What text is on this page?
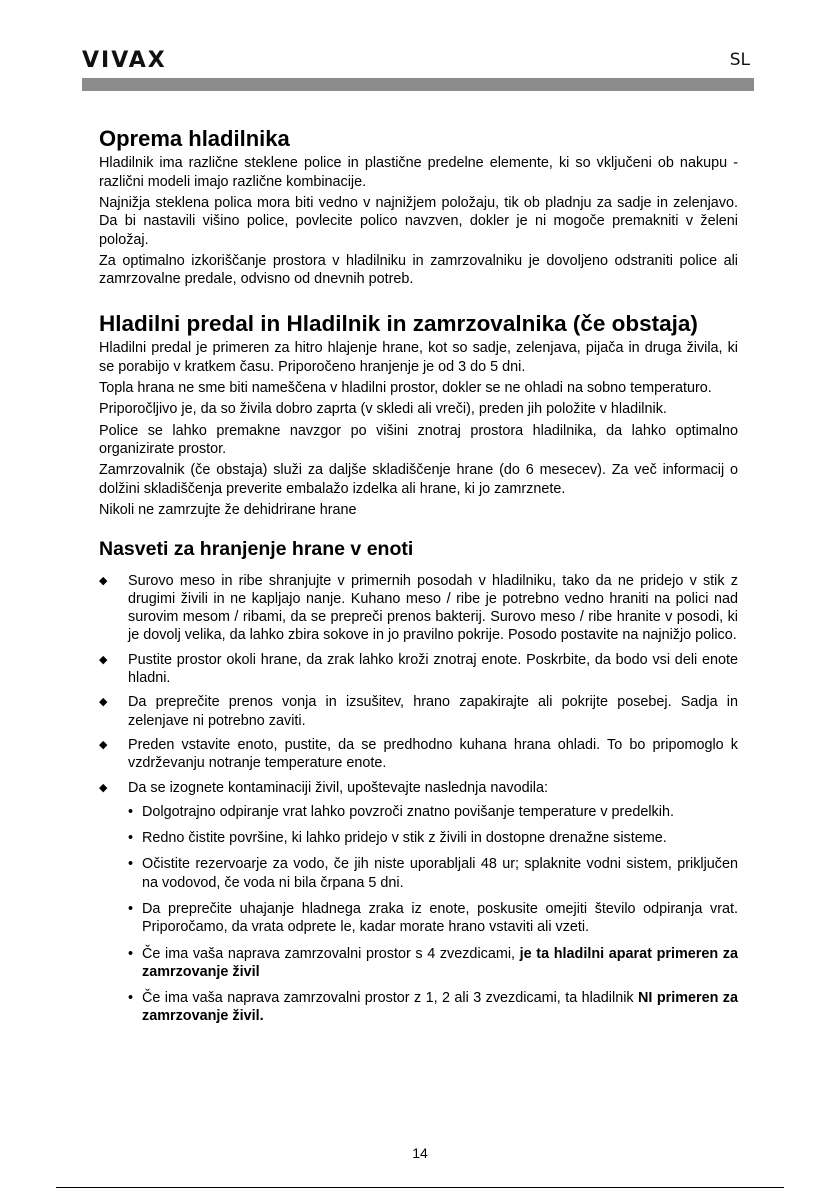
VIVAX	SL
Oprema hladilnika

Hladilnik ima različne steklene police in plastične predelne elemente, ki so vključeni ob nakupu - različni modeli imajo različne kombinacije.

Najnižja steklena polica mora biti vedno v najnižjem položaju, tik ob pladnju za sadje in zelenjavo. Da bi nastavili višino police, povlecite polico navzven, dokler je ni mogoče premakniti v želeni položaj.

Za optimalno izkoriščanje prostora v hladilniku in zamrzovalniku je dovoljeno odstraniti police ali zamrzovalne predale, odvisno od dnevnih potreb.

Hladilni predal in Hladilnik in zamrzovalnika (če obstaja)

Hladilni predal je primeren za hitro hlajenje hrane, kot so sadje, zelenjava, pijača in druga živila, ki se porabijo v kratkem času. Priporočeno hranjenje je od 3 do 5 dni.

Topla hrana ne sme biti nameščena v hladilni prostor, dokler se ne ohladi na sobno temperaturo.

Priporočljivo je, da so živila dobro zaprta (v skledi ali vreči), preden jih položite v hladilnik.

Police se lahko premakne navzgor po višini znotraj prostora hladilnika, da lahko optimalno organizirate prostor.

Zamrzovalnik (če obstaja) služi za daljše skladiščenje hrane (do 6 mesecev). Za več informacij o dolžini skladiščenja preverite embalažo izdelka ali hrane, ki jo zamrznete.

Nikoli ne zamrzujte že dehidrirane hrane

Nasveti za hranjenje hrane v enoti
◆ Surovo meso in ribe shranjujte v primernih posodah v hladilniku, tako da ne pridejo v stik z drugimi živili in ne kapljajo nanje. Kuhano meso / ribe je potrebno vedno hraniti na polici nad surovim mesom / ribami, da se prepreči prenos bakterij. Surovo meso / ribe hranite v posodi, ki je dovolj velika, da lahko zbira sokove in jo pravilno pokrije. Posodo postavite na najnižjo polico.
◆ Pustite prostor okoli hrane, da zrak lahko kroži znotraj enote. Poskrbite, da bodo vsi deli enote hladni.
◆ Da preprečite prenos vonja in izsušitev, hrano zapakirajte ali pokrijte posebej. Sadja in zelenjave ni potrebno zaviti.
◆ Preden vstavite enoto, pustite, da se predhodno kuhana hrana ohladi. To bo pripomoglo k vzdrževanju notranje temperature enote.
◆ Da se izognete kontaminaciji živil, upoštevajte naslednja navodila:
• Dolgotrajno odpiranje vrat lahko povzroči znatno povišanje temperature v predelkih.
• Redno čistite površine, ki lahko pridejo v stik z živili in dostopne drenažne sisteme.
• Očistite rezervoarje za vodo, če jih niste uporabljali 48 ur; splaknite vodni sistem, priključen na vodovod, če voda ni bila črpana 5 dni.
• Da preprečite uhajanje hladnega zraka iz enote, poskusite omejiti število odpiranja vrat. Priporočamo, da vrata odprete le, kadar morate hrano vstaviti ali vzeti.
• Če ima vaša naprava zamrzovalni prostor s 4 zvezdicami, je ta hladilni aparat primeren za zamrzovanje živil
• Če ima vaša naprava zamrzovalni prostor z 1, 2 ali 3 zvezdicami, ta hladilnik NI primeren za zamrzovanje živil.
14
